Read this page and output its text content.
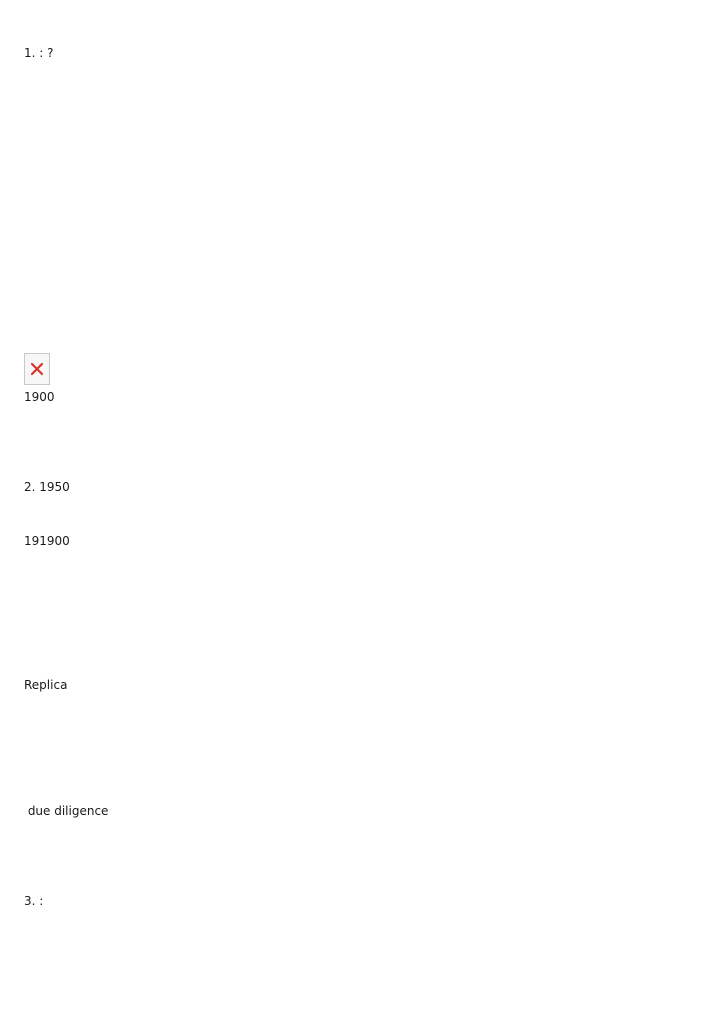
1. 󠀠󠀠󠀠󠀠󠀠󠀠󠀠󠀠󠀠󠀠󠀠󠀠󠀠󠀠󠀠󠀠󠀠󠀠󠀠󠀠󠀠󠀠󠀠󠀠󠀠󠀠󠀠󠀠󠀠󠀠󠀠󠀠󠀠󠀠󠀠󠀠󠀠: 󠀠󠀠󠀠󠀠󠀠󠀠󠀠󠀠󠀠󠀠󠀠󠀠󠀠󠀠󠀠󠀠󠀠󠀠󠀠󠀠󠀠?
1900󠀠󠀠󠀠󠀠󠀠󠀠󠀠󠀠󠀠󠀠󠀠󠀠󠀠󠀠󠀠󠀠󠀠󠀠󠀠󠀠󠀠󠀠󠀠󠀠󠀠󠀠󠀠󠀠󠀠󠀠󠀠󠀠󠀠󠀠󠀠󠀠󠀠󠀠󠀠󠀠󠀠󠀠󠀠󠀠󠀠󠀠󠀠󠀠󠀠󠀠󠀠󠀠󠀠󠀠󠀠󠀠󠀠󠀠󠀠󠀠󠀠󠀠󠀠󠀠󠀠󠀠󠀠󠀠󠀠󠀠󠀠󠀠󠀠󠀠󠀠󠀠󠀠󠀠󠀠
2. 1950󠀠󠀠󠀠󠀠󠀠󠀠󠀠󠀠󠀠󠀠󠀠󠀠󠀠󠀠󠀠󠀠󠀠󠀠󠀠󠀠󠀠󠀠󠀠󠀠󠀠󠀠󠀠󠀠󠀠󠀠󠀠󠀠󠀠󠀠󠀠󠀠󠀠󠀠󠀠󠀠󠀠󠀠󠀠󠀠󠀠󠀠󠀠󠀠󠀠󠀠󠀠󠀠󠀠󠀠󠀠󠀠
󠀠󠀠󠀠19󠀠󠀠󠀠󠀠󠀠󠀠󠀠󠀠󠀠󠀠󠀠󠀠󠀠󠀠󠀠󠀠󠀠󠀠󠀠󠀠󠀠󠀠󠀠󠀠󠀠󠀠󠀠󠀠󠀠󠀠󠀠󠀠󠀠󠀠󠀠󠀠󠀠󠀠󠀠󠀠󠀠󠀠󠀠󠀠󠀠󠀠󠀠󠀠󠀠󠀠󠀠󠀠󠀠󠀠󠀠󠀠󠀠󠀠󠀠󠀠󠀠󠀠󠀠󠀠󠀠󠀠󠀠󠀠󠀠󠀠󠀠󠀠󠀠󠀠󠀠󠀠1900󠀠󠀠󠀠󠀠󠀠󠀠󠀠󠀠󠀠󠀠󠀠󠀠󠀠󠀠󠀠󠀠󠀠
Replica󠀠󠀠󠀠󠀠󠀠󠀠󠀠󠀠󠀠󠀠󠀠󠀠󠀠󠀠󠀠󠀠󠀠󠀠󠀠󠀠󠀠󠀠󠀠󠀠󠀠󠀠󠀠󠀠󠀠󠀠󠀠󠀠󠀠󠀠󠀠󠀠󠀠󠀠󠀠󠀠󠀠󠀠󠀠󠀠󠀠󠀠󠀠󠀠󠀠󠀠󠀠󠀠󠀠󠀠󠀠󠀠󠀠󠀠󠀠󠀠󠀠󠀠󠀠󠀠󠀠󠀠󠀠󠀠󠀠󠀠󠀠󠀠󠀠󠀠󠀠󠀠󠀠󠀠󠀠󠀠󠀠󠀠
󠀠󠀠󠀠󠀠󠀠󠀠󠀠󠀠󠀠󠀠󠀠󠀠󠀠󠀠󠀠󠀠󠀠󠀠󠀠󠀠󠀠󠀠󠀠󠀠󠀠󠀠󠀠󠀠󠀠󠀠󠀠󠀠󠀠󠀠󠀠󠀠󠀠󠀠󠀠󠀠󠀠󠀠󠀠󠀠󠀠󠀠󠀠󠀠󠀠󠀠󠀠󠀠󠀠󠀠󠀠󠀠 due diligence
3. 󠀠󠀠󠀠󠀠󠀠󠀠󠀠󠀠󠀠󠀠󠀠󠀠󠀠󠀠󠀠󠀠󠀠󠀠󠀠󠀠󠀠󠀠󠀠󠀠󠀠󠀠󠀠󠀠󠀠󠀠󠀠󠀠󠀠󠀠󠀠󠀠󠀠󠀠󠀠󠀠󠀠󠀠󠀠󠀠󠀠󠀠󠀠󠀠󠀠󠀠󠀠:󠀠󠀠󠀠󠀠󠀠󠀠󠀠󠀠󠀠󠀠󠀠󠀠󠀠󠀠󠀠󠀠󠀠󠀠󠀠󠀠󠀠󠀠󠀠󠀠󠀠󠀠󠀠󠀠󠀠
